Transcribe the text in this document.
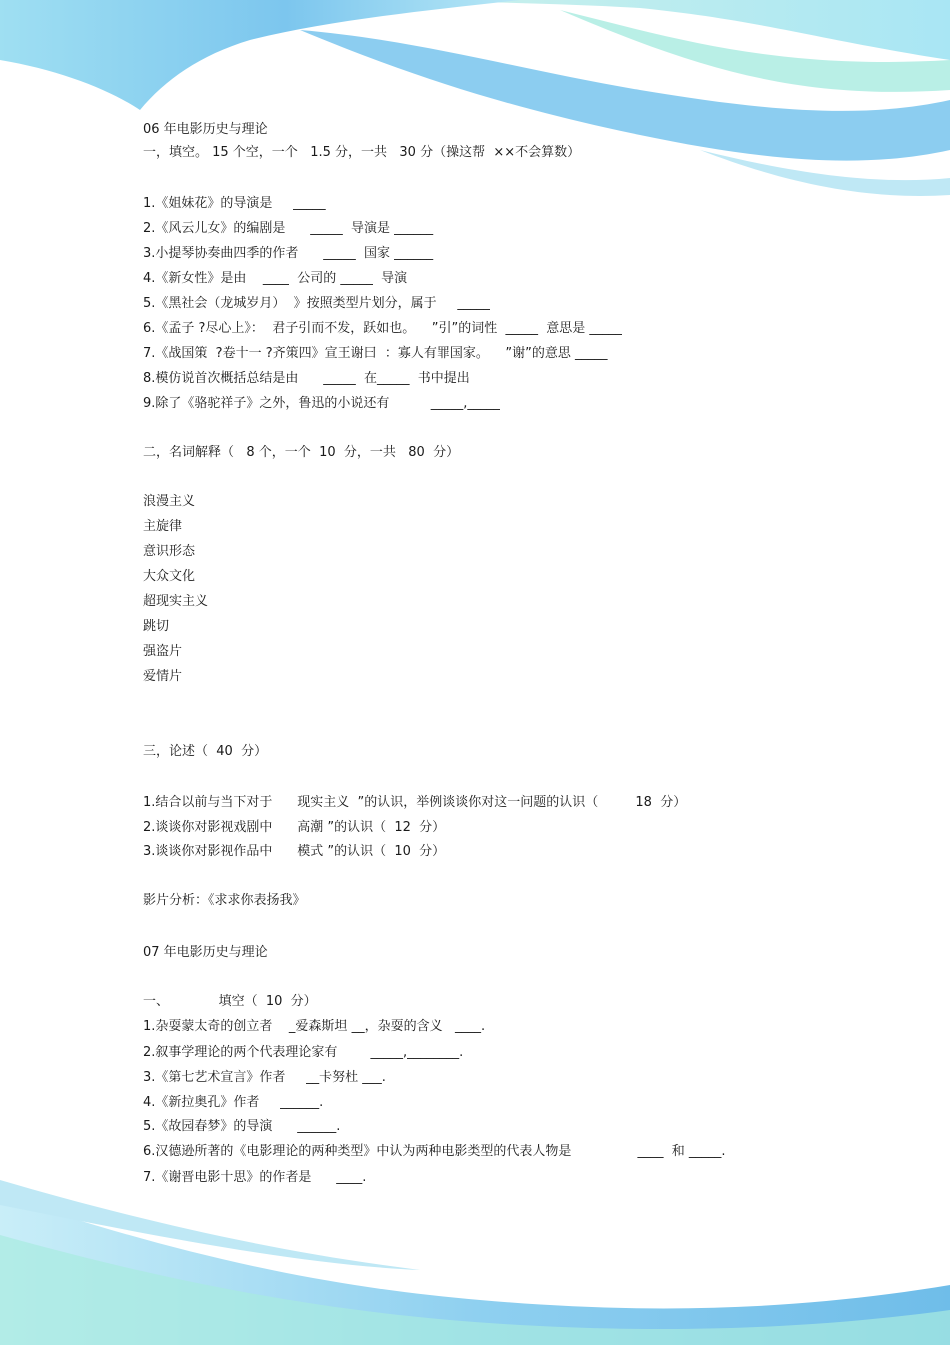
06 年电影历史与理论
一，填空。 15 个空，一个   1.5 分，一共   30 分（操这帮  ××不会算数）
1.《姐妹花》的导演是     _____
2.《风云儿女》的编剧是      _____  导演是 ______
3.小提琴协奏曲四季的作者      _____  国家 ______
4.《新女性》是由    ____  公司的 _____  导演
5.《黑社会（龙城岁月）  》按照类型片划分，属于     _____
6.《孟子 ?尽心上》：  君子引而不发，跃如也。    ”引”的词性  _____  意思是 _____
7.《战国策  ?卷十一 ?齐策四》宣王谢曰  ：寡人有罪国家。    ”谢”的意思 _____
8.模仿说首次概括总结是由      _____  在_____  书中提出
9.除了《骆驼祥子》之外，鲁迅的小说还有          _____,_____
二，名词解释（   8 个，一个  10  分，一共   80  分）
浪漫主义
主旋律
意识形态
大众文化
超现实主义
跳切
强盗片
爱情片
三，论述（  40  分）
1.结合以前与当下对于      现实主义  ”的认识，举例谈谈你对这一问题的认识（         18  分）
2.谈谈你对影视戏剧中      高潮 ”的认识（  12  分）
3.谈谈你对影视作品中      模式 ”的认识（  10  分）
影片分析：《求求你表扬我》
07 年电影历史与理论
一、            填空（  10  分）
1.杂耍蒙太奇的创立者    _爱森斯坦 __，杂耍的含义   ____.
2.叙事学理论的两个代表理论家有        _____,________.
3.《第七艺术宣言》作者     __卡努杜 ___.
4.《新拉奥孔》作者     ______.
5.《故园春梦》的导演      ______.
6.汉德逊所著的《电影理论的两种类型》中认为两种电影类型的代表人物是                ____  和 _____.
7.《谢晋电影十思》的作者是      ____.
